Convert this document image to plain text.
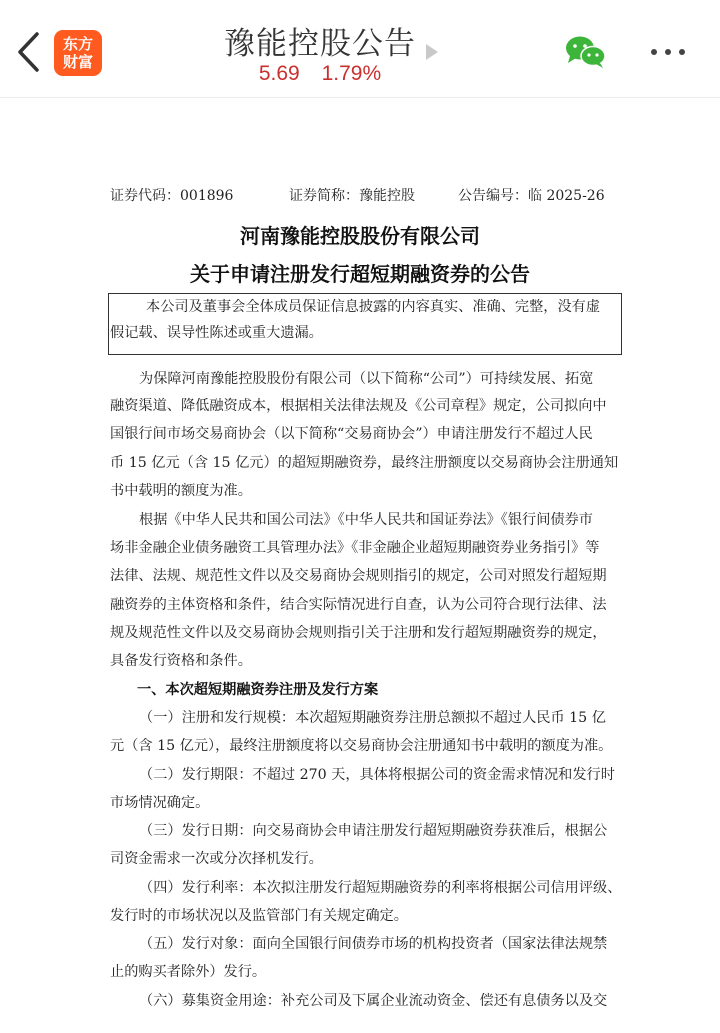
东方
财富	豫能控股公告
5.69 1.79%
证券代码：001896	证券简称：豫能控股	公告编号：临 2025-26
河南豫能控股股份有限公司
关于申请注册发行超短期融资券的公告
本公司及董事会全体成员保证信息披露的内容真实、准确、完整，没有虚
假记载、误导性陈述或重大遗漏。
为保障河南豫能控股股份有限公司（以下简称“公司”）可持续发展、拓宽
融资渠道、降低融资成本，根据相关法律法规及《公司章程》规定，公司拟向中
国银行间市场交易商协会（以下简称“交易商协会”）申请注册发行不超过人民
币 15 亿元（含 15 亿元）的超短期融资券，最终注册额度以交易商协会注册通知
书中载明的额度为准。
根据《中华人民共和国公司法》《中华人民共和国证券法》《银行间债券市
场非金融企业债务融资工具管理办法》《非金融企业超短期融资券业务指引》等
法律、法规、规范性文件以及交易商协会规则指引的规定，公司对照发行超短期
融资券的主体资格和条件，结合实际情况进行自查，认为公司符合现行法律、法
规及规范性文件以及交易商协会规则指引关于注册和发行超短期融资券的规定，
具备发行资格和条件。
一、本次超短期融资券注册及发行方案
（一）注册和发行规模：本次超短期融资券注册总额拟不超过人民币 15 亿
元（含 15 亿元），最终注册额度将以交易商协会注册通知书中载明的额度为准。
（二）发行期限：不超过 270 天，具体将根据公司的资金需求情况和发行时
市场情况确定。
（三）发行日期：向交易商协会申请注册发行超短期融资券获准后，根据公
司资金需求一次或分次择机发行。
（四）发行利率：本次拟注册发行超短期融资券的利率将根据公司信用评级、
发行时的市场状况以及监管部门有关规定确定。
（五）发行对象：面向全国银行间债券市场的机构投资者（国家法律法规禁
止的购买者除外）发行。
（六）募集资金用途：补充公司及下属企业流动资金、偿还有息债务以及交
